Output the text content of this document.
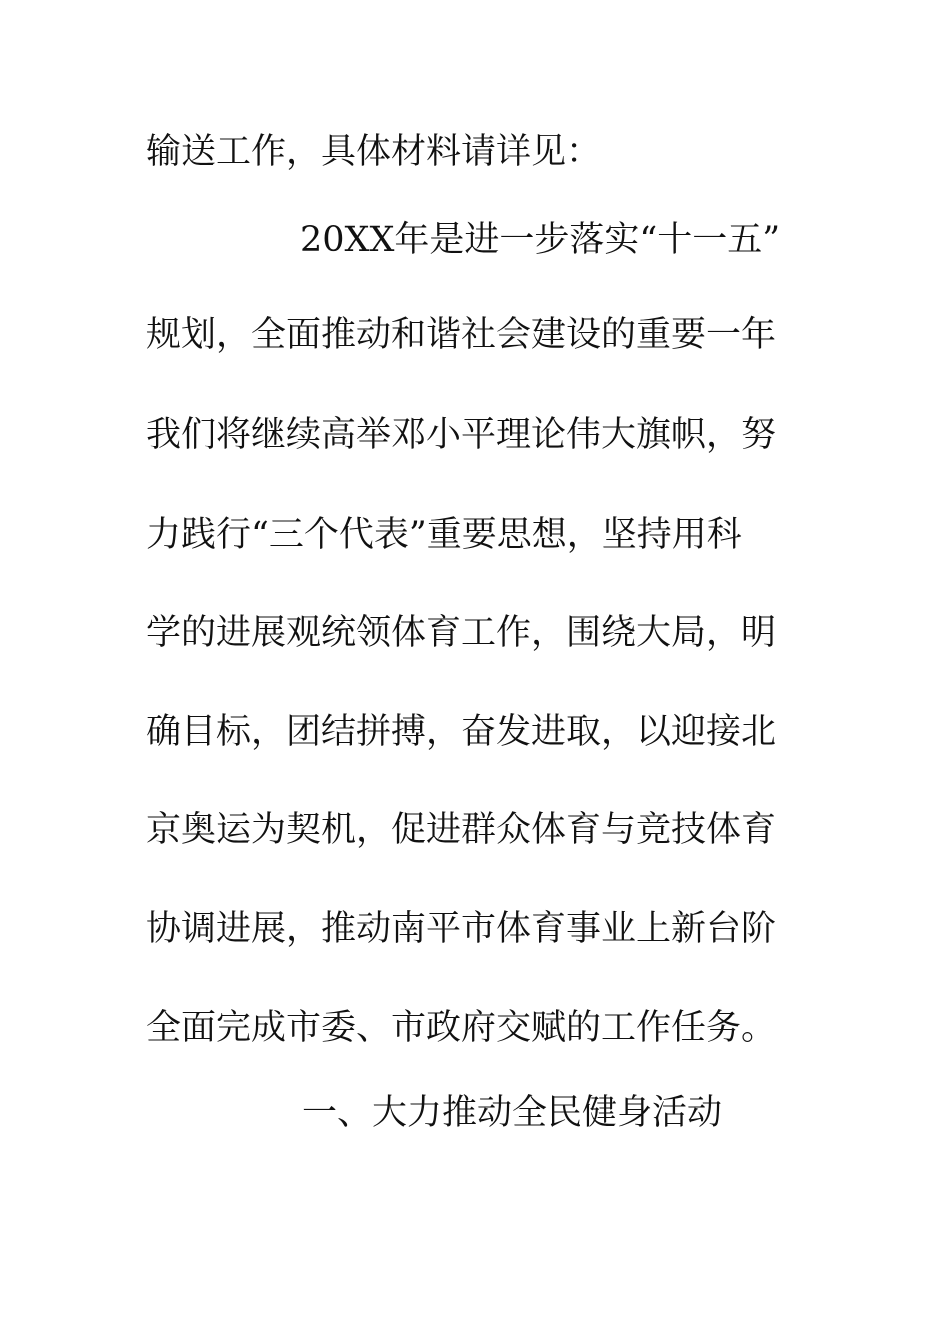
输送工作，具体材料请详见：
20XX年是进一步落实“十一五”
规划，全面推动和谐社会建设的重要一年
我们将继续高举邓小平理论伟大旗帜，努
力践行“三个代表”重要思想，坚持用科
学的进展观统领体育工作，围绕大局，明
确目标，团结拼搏，奋发进取，以迎接北
京奥运为契机，促进群众体育与竞技体育
协调进展，推动南平市体育事业上新台阶
全面完成市委、市政府交赋的工作任务。
一、大力推动全民健身活动
